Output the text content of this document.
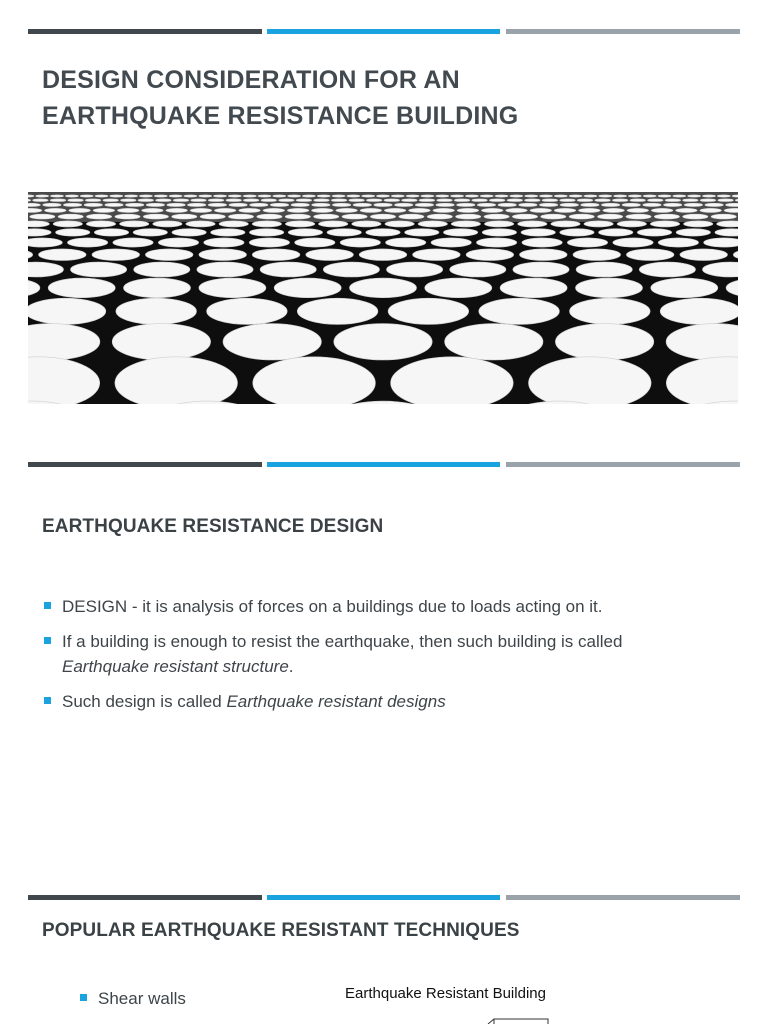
DESIGN CONSIDERATION FOR AN
EARTHQUAKE RESISTANCE BUILDING
EARTHQUAKE RESISTANCE DESIGN
DESIGN - it is analysis of forces on a buildings due to loads acting on it.
If a building is enough to resist the earthquake, then such building is called
Earthquake resistant structure.
Such design is called Earthquake resistant designs
POPULAR EARTHQUAKE RESISTANT TECHNIQUES
Shear walls	Earthquake Resistant Building
